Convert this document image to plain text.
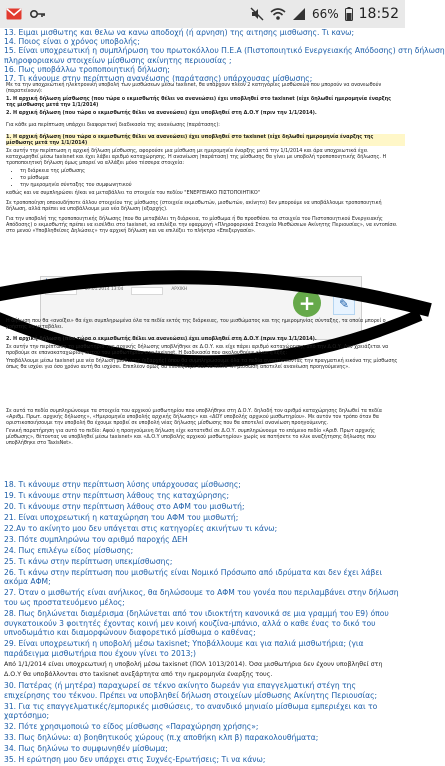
66% 18:52
13. Ειμαι μισθωτης και θελω να κανω αποδοχή (ή αρνηση) της αιτησης μισθωσης. Τι κανω;
14. Ποιος είναι ο χρόνος υποβολής;
15. Είναι υποχρεωτική η συμπλήρωση του πρωτοκόλλου Π.Ε.Α (Πιστοποιητικό Ενεργειακής Απόδοσης) στη δήλωση
πληροφοριακων στοιχείων μίσθωσης ακίνητης περιουσίας ;
16. Πως υποβάλλω τροποποιητική δήλωση;
17. Τι κάνουμε στην περίπτωση ανανέωσης (παράτασης) υπάρχουσας μίσθωσης;

Με τα την υποχρεωτική ηλεκτρονική υποβολή των μισθώσεων μέσω taxisnet, θα υπάρχουν πλέον 2 κατηγορίες μισθώσεων που μπορούν να ανανεωθούν (παρατείνουν):

1. Η αρχική δήλωση μίσθωσης (που τώρα ο εκμισθωτής θέλει να ανανεώσει) έχει υποβληθεί στο taxisnet (είχε δηλωθεί ημερομηνία έναρξης της μίσθωσης μετά την 1/1/2014)

2. Η αρχική δήλωση (που τώρα ο εκμισθωτής θέλει να ανανεώσει) έχει υποβληθεί στη Δ.Ο.Υ (πριν την 1/1/2014).

Για κάθε μια περίπτωση υπάρχει διαφορετική διαδικασία της ανανέωσης (παράτασης):

1. Η αρχική δήλωση (που τώρα ο εκμισθωτής θέλει να ανανεώσει) έχει υποβληθεί στο taxisnet (είχε δηλωθεί ημερομηνία έναρξης της μίσθωσης μετά την 1/1/2014)

Σε αυτήν την περίπτωση η αρχική δήλωση μίσθωσης, αφορούσε μια μίσθωση με ημερομηνία έναρξης μετά την 1/1/2014 και άρα υποχρεωτικά έχει καταχωρηθεί μέσω taxisnet και έχει λάβει αριθμό καταχώρησης. Η ανανέωση (παράταση) της μίσθωσης θα γίνει με υποβολή τροποποιητικής δήλωσης. Η τροποποιητική δήλωση όμως μπορεί να αλλάξει μόνο τέσσερα στοιχεία:

• τη διάρκεια της μίσθωσης
• το μίσθωμα
• την ημερομηνία σύνταξης του συμφωνητικού

καθώς και να συμπληρώσει ή/και να μεταβάλλει τα στοιχεία του πεδίου "ΕΝΕΡΓΕΙΑΚΟ ΠΙΣΤΟΠΟΙΗΤΙΚΟ"

Σε τροποποίηση οποιουδήποτε άλλου στοιχείου της μίσθωσης (στοιχεία εκμισθωτών, μισθωτών, ακίνητο) δεν μπορούμε να υποβάλλουμε τροποποιητική δήλωση, αλλά πρέπει να υποβάλλουμε μια νέα δήλωση (εξαρχής).

Για την υποβολή της τροποποιητικής δήλωσης (που θα μεταβάλει τη διάρκεια, το μίσθωμα ή θα προσθέσει τα στοιχεία του Πιστοποιητικού Ενεργειακής Απόδοσης) ο εκμισθωτής πρέπει να εισέλθει στο taxisnet, να επιλέξει την εφαρμογή «Πληροφοριακά Στοιχεία Μισθώσεων Ακίνητης Περιουσίας», να εντοπίσει στο μενού «Υποβληθείσες Δηλώσεις» την αρχική δήλωση και να επιλέξει το πλήκτρο «Επεξεργασία».

Αριθμός Πρωτ Ημ/νία Υποβολής Στοιχ. Εκμ/τη Κατάσταση ΕΔΩ
07.01.2014 13:04	ΑΡΧΙΚΗ
+	✎

Η δήλωση που θα «ανοίξει» θα έχει συμπληρωμένα όλα τα πεδία εκτός της διάρκειας, του μισθώματος και της ημερομηνίας σύνταξης, τα οποία μπορεί ο χρήστης να μεταβάλει.

2. Η αρχική δήλωση (που τώρα ο εκμισθωτής θέλει να ανανεώσει) έχει υποβληθεί στη Δ.Ο.Υ (πριν την 1/1/2014).

Σε αυτήν την περίπτωση το μισθωτήριο της αρχικής δήλωσης υποβλήθηκε σε Δ.Ο.Υ. και είχε πάρει αριθμό καταχώρησης από την Δ.Ο.Υ. Δεν χρειάζεται να προβούμε σε επανακαταχώριση αυτού του μισθωτηρίου στο taxisnet. Η διαδικασία που ακολουθούμε είναι η εξής:

Υποβάλλουμε μέσω taxisnet μια νέα δήλωση μίσθωσης (εξαρχής) όπου θα συμπληρώσουμε όλα τα πεδία αναπτύσσοντας την πραγματική εικόνα της μίσθωσης όπως θα ισχύει για όσο χρόνο αυτή θα ισχύσει. Επιπλέον όμως θα επιλέξουμε και το πεδίο «Η μίσθωση αποτελεί ανανέωση προηγούμενης».

Σε αυτά τα πεδία συμπληρώνουμε τα στοιχεία του αρχικού μισθωτηρίου που υποβλήθηκε στη Δ.Ο.Υ. δηλαδή τον αριθμό καταχώρησης δηλωθεί τα πεδία «Αριθμ. Πρωτ. αρχικής δήλωσης», «Ημερομηνία υποβολής αρχικής δήλωσης» και «ΔΟΥ υποβολής αρχικού μισθωτηρίου». Με αυτόν τον τρόπο όταν θα οριστικοποιήσουμε την υποβολή θα έχουμε προβεί σε υποβολή νέας δήλωσης μίσθωσης που θα αποτελεί ανανέωση προηγούμενης.

Γενική παρατήρηση για αυτό το πεδίο: Αφού η προηγούμενη δήλωση είχε κατατεθεί σε Δ.Ο.Υ. συμπληρώνουμε το επόμενο πεδίο «Αριθ. Πρωτ αρχικής μίσθωσης», θέτοντας να υποβληθεί μέσω taxisnet» και «Δ.Ο.Υ υποβολής αρχικού μισθωτηρίου» χωρίς να πατήσετε το κλικ αναζήτησης δήλωσης που υποβλήθηκε στο TaxisNet».

18. Τι κάνουμε στην περίπτωση λύσης υπάρχουσας μίσθωσης;
19. Τι κάνουμε στην περίπτωση λάθους της καταχώρησης;
20. Τι κάνουμε στην περίπτωση λάθους στο ΑΦΜ του μισθωτή;
21. Είναι υποχρεωτική η καταχώρηση του ΑΦΜ του μισθωτή;
22.Αν το ακίνητο μου δεν υπάγεται στις κατηγορίες ακινήτων τι κάνω;
23. Πότε συμπληρώνω τον αριθμό παροχής ΔΕΗ
24. Πως επιλέγω είδος μίσθωσης;
25. Τι κάνω στην περίπτωση υπεκμίσθωσης;
26. Τι κάνω στην περίπτωση που μισθωτής είναι Νομικό Πρόσωπο από ιδρύματα και δεν έχει λάβει ακόμα ΑΦΜ;
27. Όταν ο μισθωτής είναι ανήλικος, θα δηλώσουμε το ΑΦΜ του γονέα που περιλαμβάνει στην δήλωση του ως προστατευόμενο μέλος;
28. Πως δηλώνεται διαμέρισμα (δηλώνεται από τον ιδιοκτήτη κανονικά σε μια γραμμή του Ε9) όπου συγκατοικούν 3 φοιτητές έχοντας κοινή μεν κοινή κουζίνα-μπάνιο, αλλά ο καθε ένας το δικό του υπνοδωμάτιο και διαμορφώνουν διαφορετικό μίσθωμα ο καθένας;
29. Είναι υποχρεωτική η υποβολή μέσω taxisnet; Υποβάλλουμε και για παλιά μισθωτήρια; (για παράδειγμα μισθωτήρια που έχουν γίνει το 2013;)
Από 1/1/2014 είναι υποχρεωτική η υποβολή μέσω taxisnet (ΠΟΛ 1013/2014). Όσα μισθωτήρια δεν έχουν υποβληθεί στη Δ.Ο.Υ θα υποβάλλονται στο taxisnet ανεξάρτητα από την ημερομηνία έναρξης τους.
30. Πατέρας (ή μητέρα) παραχωρεί σε τέκνο ακίνητο δωρεάν για επαγγελματική στέγη της επιχείρησης του τέκνου. Πρέπει να υποβληθεί δήλωση στοιχείων μίσθωσης Ακίνητης Περιουσίας;
31. Για τις επαγγελματικές/εμπορικές μισθώσεις, το ανανδικό μηνιαίο μίσθωμα εμπεριέχει και το χαρτόσημο;
32. Πότε χρησιμοποιώ το είδος μίσθωσης «Παραχώρηση χρήσης»;
33. Πως δηλώνω: α) βοηθητικούς χώρους (π.χ αποθήκη κλπ β) παρακολουθήματα;
34. Πως δηλώνω το συμφωνηθέν μίσθωμα;
35. Η ερώτηση μου δεν υπάρχει στις Συχνές-Ερωτήσεις; Τι να κάνω;
